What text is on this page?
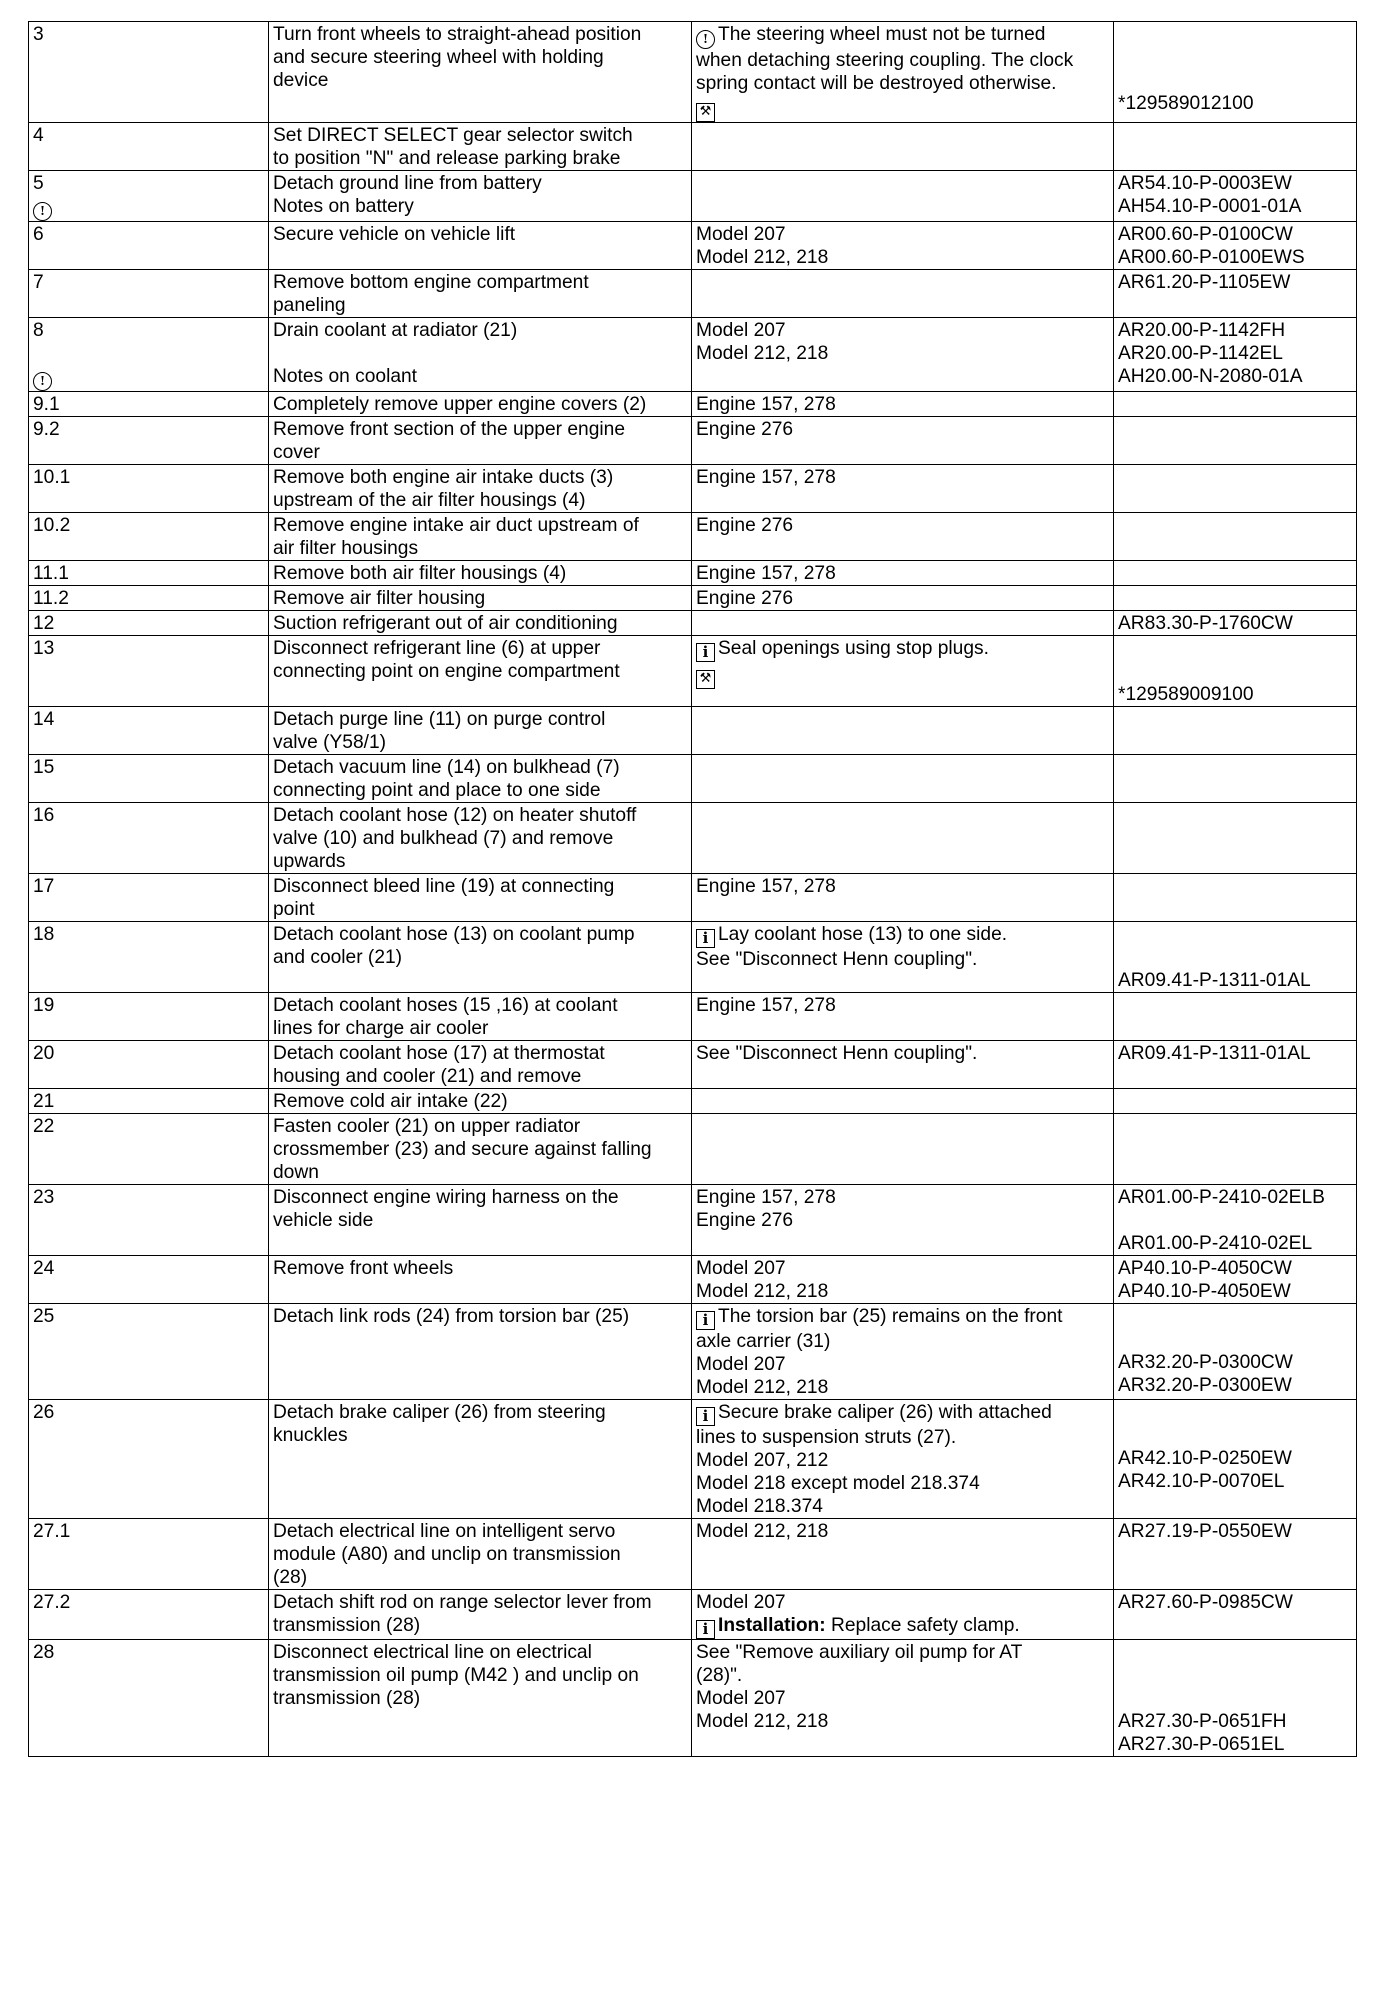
3	Turn front wheels to straight-ahead position
and secure steering wheel with holding
device	! The steering wheel must not be turned
when detaching steering coupling. The clock
spring contact will be destroyed otherwise.
⚒	*129589012100

4	Set DIRECT SELECT gear selector switch
to position "N" and release parking brake		

5
!	Detach ground line from battery
Notes on battery		AR54.10-P-0003EW
AH54.10-P-0001-01A

6	Secure vehicle on vehicle lift	Model 207
Model 212, 218	AR00.60-P-0100CW
AR00.60-P-0100EWS

7	Remove bottom engine compartment
paneling		AR61.20-P-1105EW

8
!	Drain coolant at radiator (21)
Notes on coolant	Model 207
Model 212, 218	AR20.00-P-1142FH
AR20.00-P-1142EL
AH20.00-N-2080-01A

9.1	Completely remove upper engine covers (2)	Engine 157, 278	

9.2	Remove front section of the upper engine
cover	Engine 276	

10.1	Remove both engine air intake ducts (3)
upstream of the air filter housings (4)	Engine 157, 278	

10.2	Remove engine intake air duct upstream of
air filter housings	Engine 276	

11.1	Remove both air filter housings (4)	Engine 157, 278	

11.2	Remove air filter housing	Engine 276	

12	Suction refrigerant out of air conditioning		AR83.30-P-1760CW

13	Disconnect refrigerant line (6) at upper
connecting point on engine compartment	i Seal openings using stop plugs.
⚒	*129589009100

14	Detach purge line (11) on purge control
valve (Y58/1)		

15	Detach vacuum line (14) on bulkhead (7)
connecting point and place to one side		

16	Detach coolant hose (12) on heater shutoff
valve (10) and bulkhead (7) and remove
upwards		

17	Disconnect bleed line (19) at connecting
point	Engine 157, 278	

18	Detach coolant hose (13) on coolant pump
and cooler (21)	i Lay coolant hose (13) to one side.
See "Disconnect Henn coupling".	AR09.41-P-1311-01AL

19	Detach coolant hoses (15 ,16) at coolant
lines for charge air cooler	Engine 157, 278	

20	Detach coolant hose (17) at thermostat
housing and cooler (21) and remove	See "Disconnect Henn coupling".	AR09.41-P-1311-01AL

21	Remove cold air intake (22)		

22	Fasten cooler (21) on upper radiator
crossmember (23) and secure against falling
down		

23	Disconnect engine wiring harness on the
vehicle side	Engine 157, 278
Engine 276	AR01.00-P-2410-02ELB
AR01.00-P-2410-02EL

24	Remove front wheels	Model 207
Model 212, 218	AP40.10-P-4050CW
AP40.10-P-4050EW

25	Detach link rods (24) from torsion bar (25)	i The torsion bar (25) remains on the front
axle carrier (31)
Model 207
Model 212, 218	AR32.20-P-0300CW
AR32.20-P-0300EW

26	Detach brake caliper (26) from steering
knuckles	i Secure brake caliper (26) with attached
lines to suspension struts (27).
Model 207, 212
Model 218 except model 218.374
Model 218.374	AR42.10-P-0250EW
AR42.10-P-0070EL

27.1	Detach electrical line on intelligent servo
module (A80) and unclip on transmission
(28)	Model 212, 218	AR27.19-P-0550EW

27.2	Detach shift rod on range selector lever from
transmission (28)	Model 207
i Installation: Replace safety clamp.	AR27.60-P-0985CW

28	Disconnect electrical line on electrical
transmission oil pump (M42 ) and unclip on
transmission (28)	See "Remove auxiliary oil pump for AT
(28)".
Model 207
Model 212, 218	AR27.30-P-0651FH
AR27.30-P-0651EL
